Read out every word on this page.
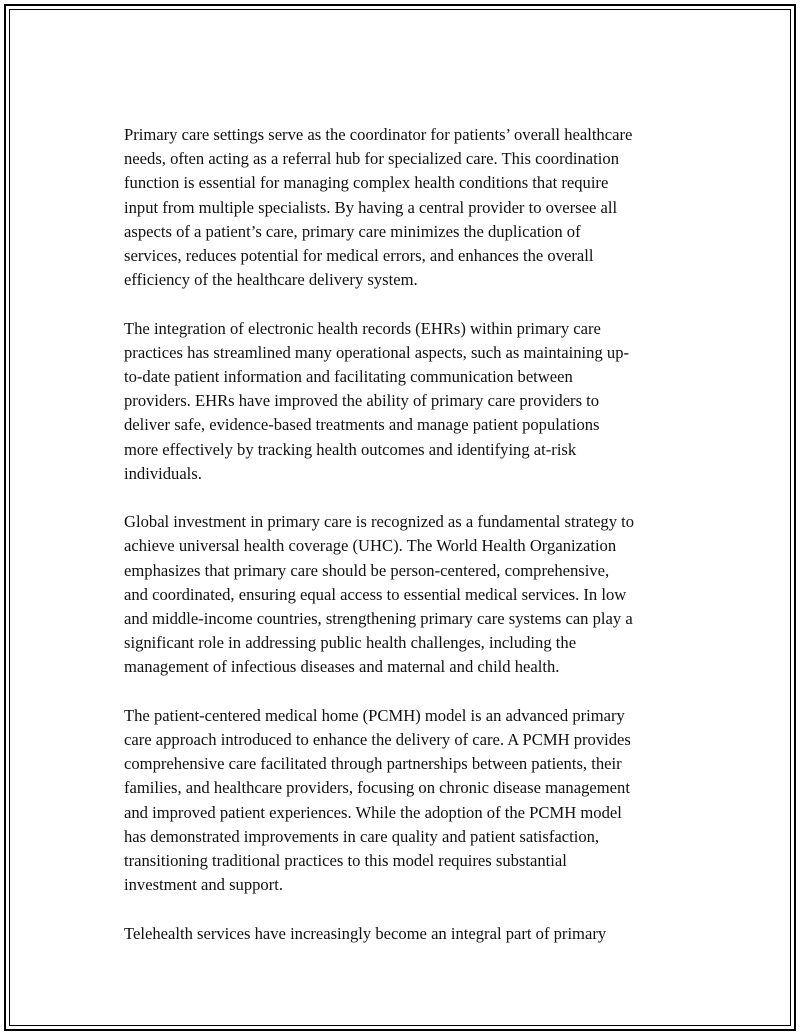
Primary care settings serve as the coordinator for patients’ overall healthcare
needs, often acting as a referral hub for specialized care. This coordination
function is essential for managing complex health conditions that require
input from multiple specialists. By having a central provider to oversee all
aspects of a patient’s care, primary care minimizes the duplication of
services, reduces potential for medical errors, and enhances the overall
efficiency of the healthcare delivery system.

The integration of electronic health records (EHRs) within primary care
practices has streamlined many operational aspects, such as maintaining up-
to-date patient information and facilitating communication between
providers. EHRs have improved the ability of primary care providers to
deliver safe, evidence-based treatments and manage patient populations
more effectively by tracking health outcomes and identifying at-risk
individuals.

Global investment in primary care is recognized as a fundamental strategy to
achieve universal health coverage (UHC). The World Health Organization
emphasizes that primary care should be person-centered, comprehensive,
and coordinated, ensuring equal access to essential medical services. In low
and middle-income countries, strengthening primary care systems can play a
significant role in addressing public health challenges, including the
management of infectious diseases and maternal and child health.

The patient-centered medical home (PCMH) model is an advanced primary
care approach introduced to enhance the delivery of care. A PCMH provides
comprehensive care facilitated through partnerships between patients, their
families, and healthcare providers, focusing on chronic disease management
and improved patient experiences. While the adoption of the PCMH model
has demonstrated improvements in care quality and patient satisfaction,
transitioning traditional practices to this model requires substantial
investment and support.

Telehealth services have increasingly become an integral part of primary
